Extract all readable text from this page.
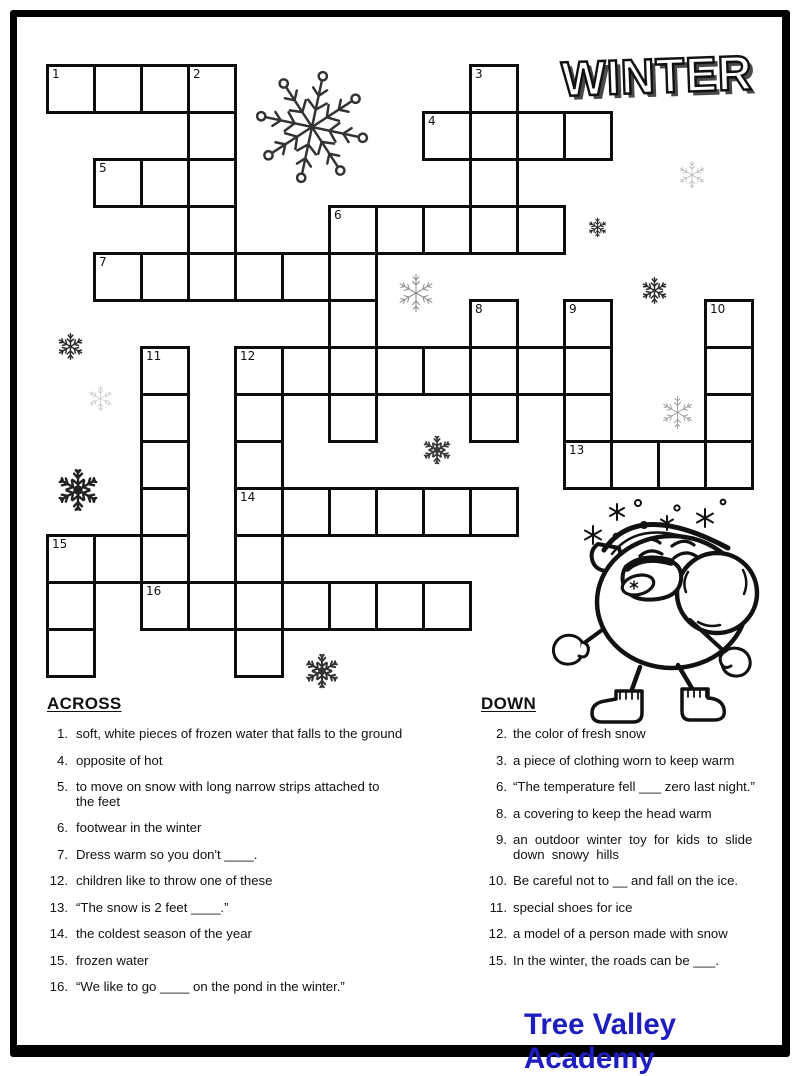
WINTER
1	2	3
4
5
6
7
8	9	10
11	12
13
14
15
16
ACROSS
1. soft, white pieces of frozen water that falls to the ground
4. opposite of hot
5. to move on snow with long narrow strips attached to
the feet
6. footwear in the winter
7. Dress warm so you don't ____.
12. children like to throw one of these
13. “The snow is 2 feet ____.”
14. the coldest season of the year
15. frozen water
16. “We like to go ____ on the pond in the winter.”
DOWN
2. the color of fresh snow
3. a piece of clothing worn to keep warm
6. “The temperature fell ___ zero last night.”
8. a covering to keep the head warm
9. an outdoor winter toy for kids to slide
down snowy hills
10. Be careful not to __ and fall on the ice.
11. special shoes for ice
12. a model of a person made with snow
15. In the winter, the roads can be ___.
Tree Valley Academy
